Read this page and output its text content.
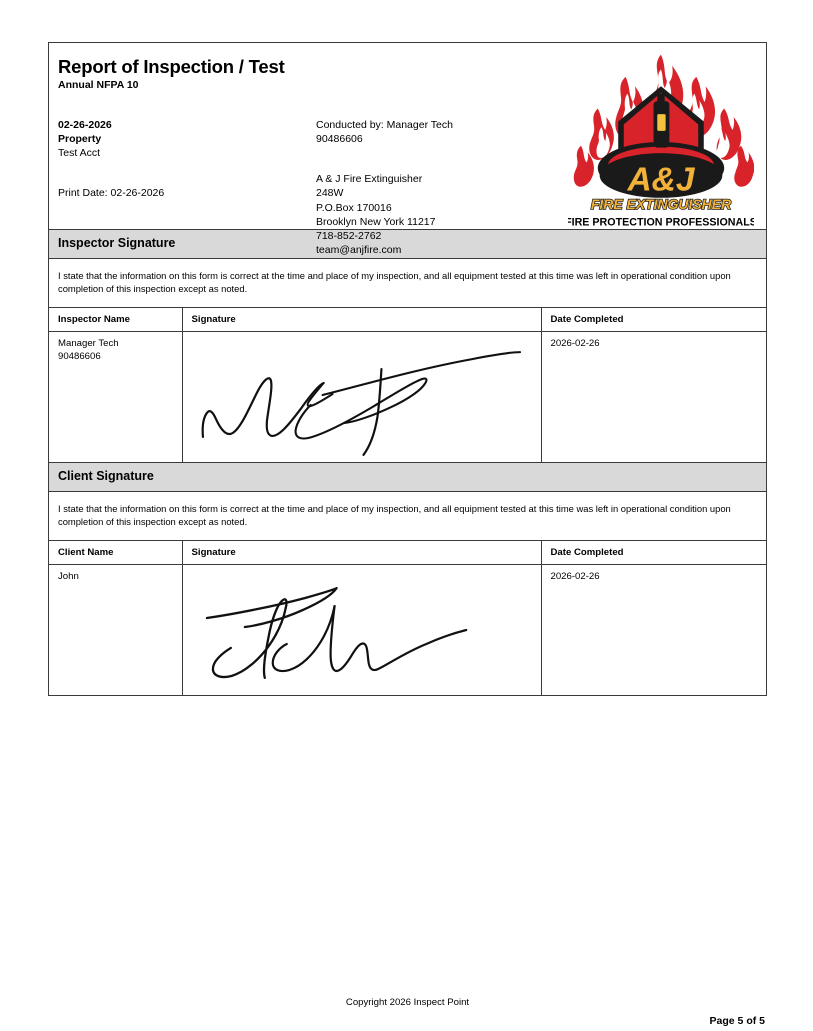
Report of Inspection / Test

Annual NFPA 10

02-26-2026
Property
Test Acct
Print Date: 02-26-2026
Conducted by: Manager Tech
90486606
A & J Fire Extinguisher
248W
P.O.Box 170016
Brooklyn New York 11217
718-852-2762
team@anjfire.com
A&J
FIRE EXTINGUISHER
FIRE PROTECTION PROFESSIONALS
Inspector Signature
I state that the information on this form is correct at the time and place of my inspection, and all equipment tested at this time was left in operational condition upon completion of this inspection except as noted.
Inspector Name	Signature	Date Completed

Manager Tech
90486606		2026-02-26
Client Signature
I state that the information on this form is correct at the time and place of my inspection, and all equipment tested at this time was left in operational condition upon completion of this inspection except as noted.
Client Name	Signature	Date Completed
John		2026-02-26
Copyright 2026 Inspect Point
Page 5 of 5
